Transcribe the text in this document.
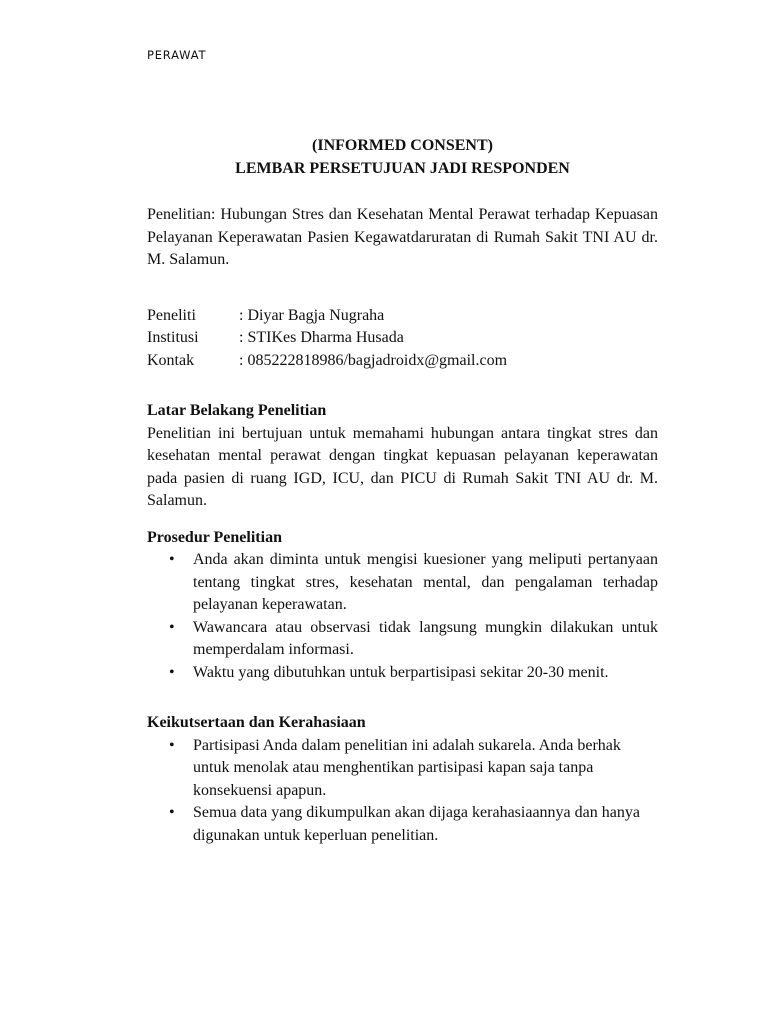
PERAWAT

(INFORMED CONSENT)

LEMBAR PERSETUJUAN JADI RESPONDEN

Penelitian: Hubungan Stres dan Kesehatan Mental Perawat terhadap Kepuasan Pelayanan Keperawatan Pasien Kegawatdaruratan di Rumah Sakit TNI AU dr. M. Salamun.

Peneliti	: Diyar Bagja Nugraha
Institusi	: STIKes Dharma Husada
Kontak	: 085222818986/bagjadroidx@gmail.com

Latar Belakang Penelitian

Penelitian ini bertujuan untuk memahami hubungan antara tingkat stres dan kesehatan mental perawat dengan tingkat kepuasan pelayanan keperawatan pada pasien di ruang IGD, ICU, dan PICU di Rumah Sakit TNI AU dr. M. Salamun.

Prosedur Penelitian

• Anda akan diminta untuk mengisi kuesioner yang meliputi pertanyaan tentang tingkat stres, kesehatan mental, dan pengalaman terhadap pelayanan keperawatan.
• Wawancara atau observasi tidak langsung mungkin dilakukan untuk memperdalam informasi.
• Waktu yang dibutuhkan untuk berpartisipasi sekitar 20-30 menit.

Keikutsertaan dan Kerahasiaan

• Partisipasi Anda dalam penelitian ini adalah sukarela. Anda berhak untuk menolak atau menghentikan partisipasi kapan saja tanpa konsekuensi apapun.
• Semua data yang dikumpulkan akan dijaga kerahasiaannya dan hanya digunakan untuk keperluan penelitian.
